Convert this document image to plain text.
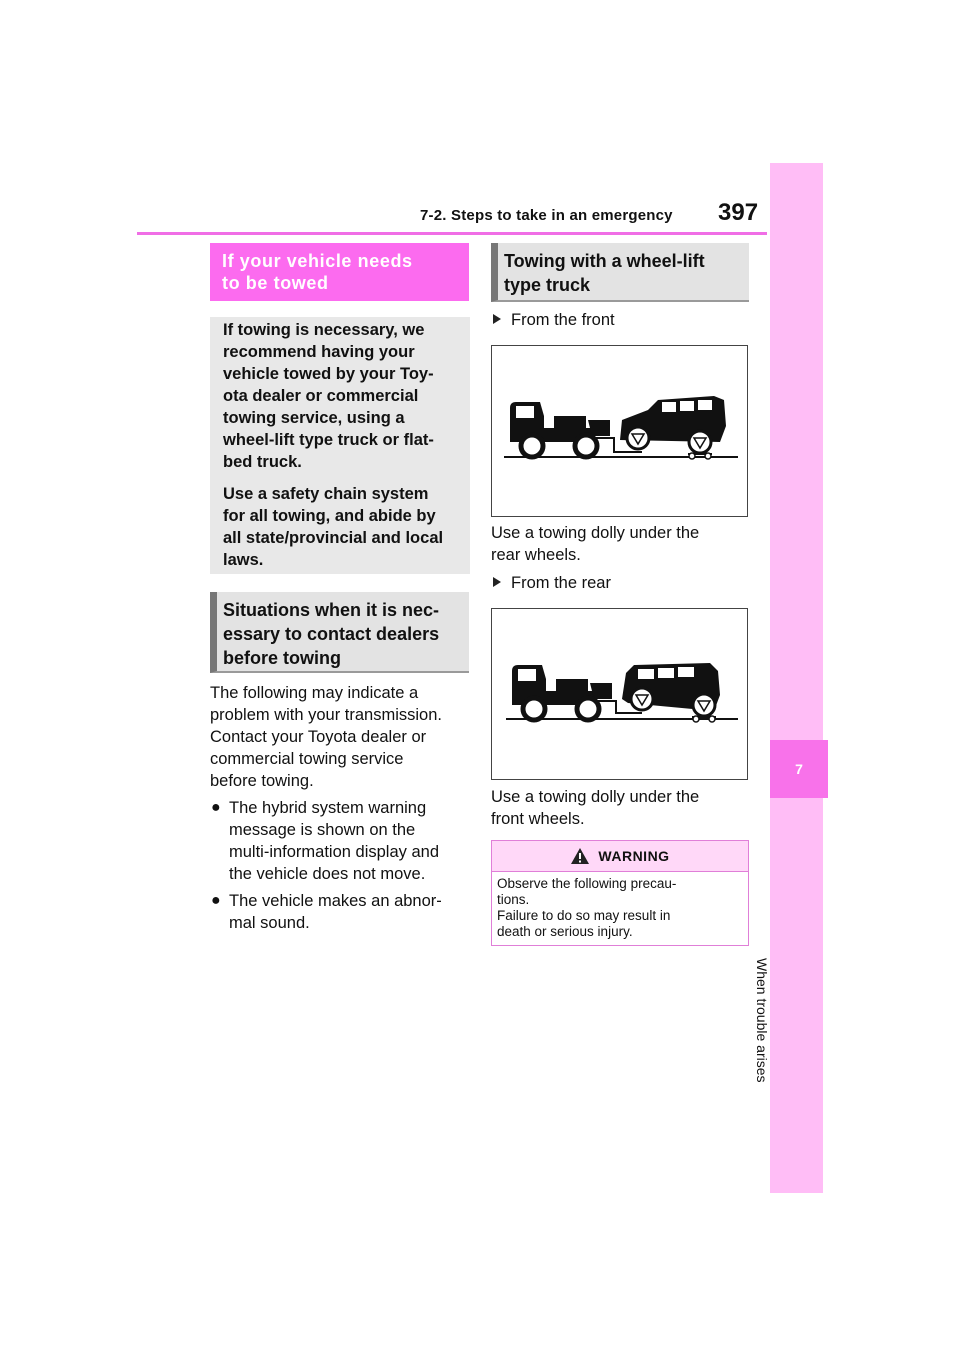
7-2. Steps to take in an emergency 397
7
When trouble arises
If your vehicle needs
to be towed

If towing is necessary, we
recommend having your
vehicle towed by your Toy-
ota dealer or commercial
towing service, using a
wheel-lift type truck or flat-
bed truck.

Use a safety chain system
for all towing, and abide by
all state/provincial and local
laws.

Situations when it is nec-
essary to contact dealers
before towing
The following may indicate a
problem with your transmission.
Contact your Toyota dealer or
commercial towing service
before towing.
● The hybrid system warning
message is shown on the
multi-information display and
the vehicle does not move.
● The vehicle makes an abnor-
mal sound.
Towing with a wheel-lift
type truck
From the front
Use a towing dolly under the
rear wheels.
From the rear
Use a towing dolly under the
front wheels.
WARNING
Observe the following precau-
tions.
Failure to do so may result in
death or serious injury.
